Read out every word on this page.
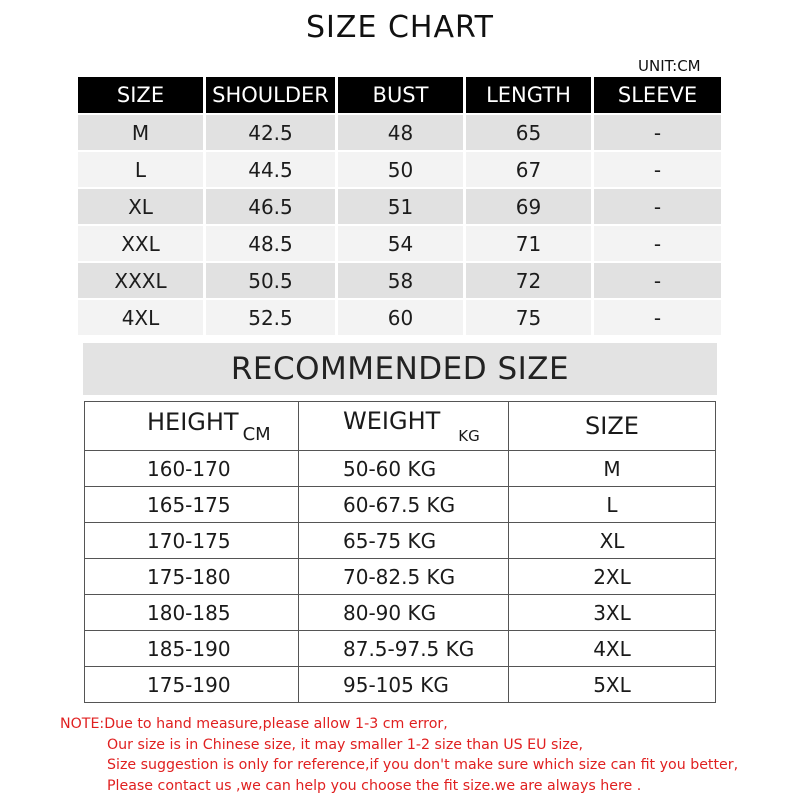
SIZE CHART
UNIT:CM
SIZE	SHOULDER	BUST	LENGTH	SLEEVE
M	42.5	48	65	-
L	44.5	50	67	-
XL	46.5	51	69	-
XXL	48.5	54	71	-
XXXL	50.5	58	72	-
4XL	52.5	60	75	-
RECOMMENDED SIZE
HEIGHT $_{CM}$	$WEIGHT_{KG}$	SIZE
160-170	50-60 KG	M
165-175	60-67.5 KG	L
170-175	65-75 KG	XL
175-180	70-82.5 KG	2XL
180-185	80-90 KG	3XL
185-190	87.5-97.5 KG	4XL
175-190	95-105 KG	5XL
NOTE:Due to hand measure,please allow 1-3 cm error,
Our size is in Chinese size, it may smaller 1-2 size than US EU size,
Size suggestion is only for reference,if you don't make sure which size can fit you better,
Please contact us ,we can help you choose the fit size.we are always here .
